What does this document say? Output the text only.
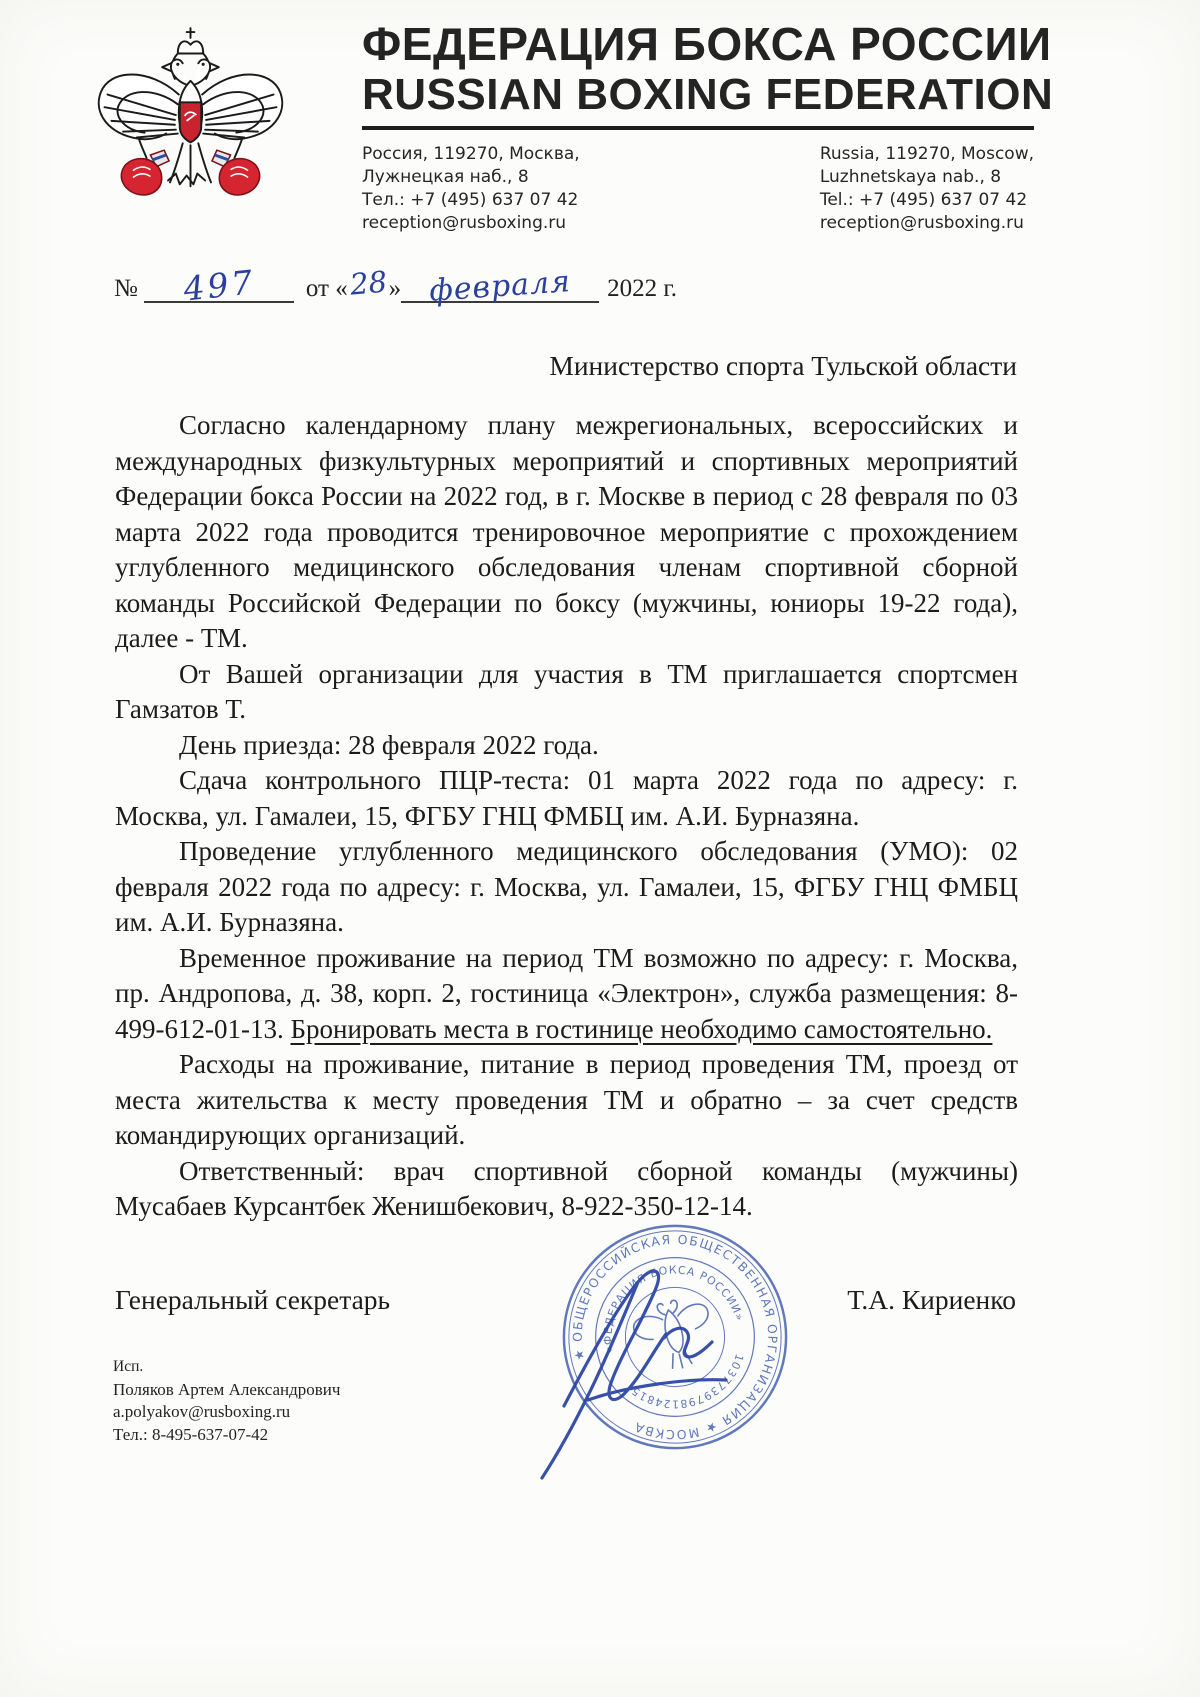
ФЕДЕРАЦИЯ БОКСА РОССИИ
RUSSIAN BOXING FEDERATION
Россия, 119270, Москва,
Лужнецкая наб., 8
Тел.: +7 (495) 637 07 42
reception@rusboxing.ru
Russia, 119270, Moscow,
Luzhnetskaya nab., 8
Tel.: +7 (495) 637 07 42
reception@rusboxing.ru
№	497	от « 28 » февраля	2022 г.
Министерство спорта Тульской области

Согласно календарному плану межрегиональных, всероссийских и международных физкультурных мероприятий и спортивных мероприятий Федерации бокса России на 2022 год, в г. Москве в период с 28 февраля по 03 марта 2022 года проводится тренировочное мероприятие с прохождением углубленного медицинского обследования членам спортивной сборной команды Российской Федерации по боксу (мужчины, юниоры 19-22 года), далее - ТМ.

От Вашей организации для участия в ТМ приглашается спортсмен Гамзатов Т.

День приезда: 28 февраля 2022 года.

Сдача контрольного ПЦР-теста: 01 марта 2022 года по адресу: г. Москва, ул. Гамалеи, 15, ФГБУ ГНЦ ФМБЦ им. А.И. Бурназяна.

Проведение углубленного медицинского обследования (УМО): 02 февраля 2022 года по адресу: г. Москва, ул. Гамалеи, 15, ФГБУ ГНЦ ФМБЦ им. А.И. Бурназяна.

Временное проживание на период ТМ возможно по адресу: г. Москва, пр. Андропова, д. 38, корп. 2, гостиница «Электрон», служба размещения: 8-499-612-01-13. Бронировать места в гостинице необходимо самостоятельно.

Расходы на проживание, питание в период проведения ТМ, проезд от места жительства к месту проведения ТМ и обратно – за счет средств командирующих организаций.

Ответственный: врач спортивной сборной команды (мужчины) Мусабаев Курсантбек Женишбекович, 8-922-350-12-14.

Генеральный секретарь	Т.А. Кириенко
★ ОБЩЕРОССИЙСКАЯ ОБЩЕСТВЕННАЯ ОРГАНИЗАЦИЯ ★ МОСКВА
«ФЕДЕРАЦИЯ БОКСА РОССИИ» 1037739798124815
Исп.
Поляков Артем Александрович
a.polyakov@rusboxing.ru
Тел.: 8-495-637-07-42
